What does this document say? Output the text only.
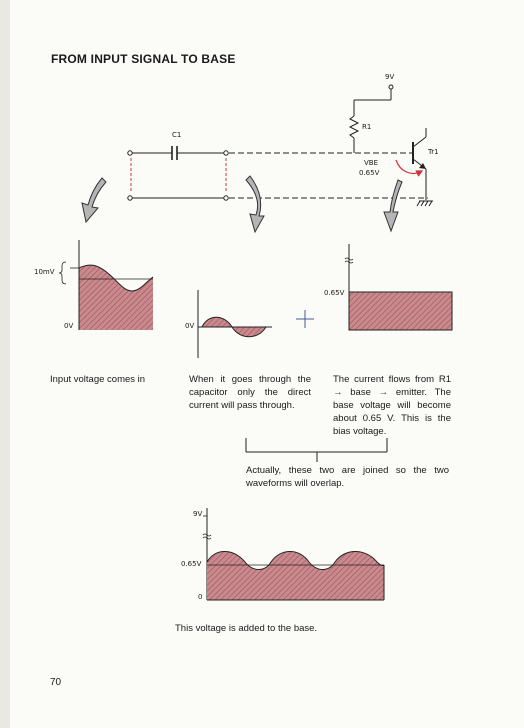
FROM INPUT SIGNAL TO BASE
9V
R1
C1
Tr1
VBE
0.65V
10mV
0V	0V
0.65V
9V
0.65V
0
Input voltage comes in	When it goes through the capacitor only the direct current will pass through.
The current flows from R1 → base → emitter. The base voltage will become about 0.65 V. This is the bias voltage.
Actually, these two are joined so the two waveforms will overlap.
This voltage is added to the base.
70
